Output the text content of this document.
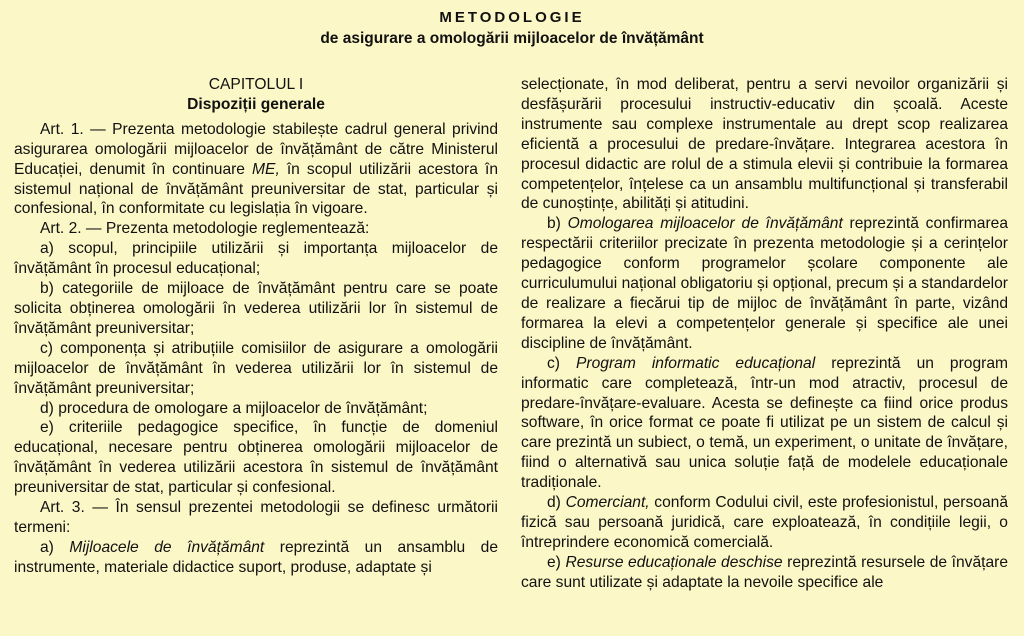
METODOLOGIE
de asigurare a omologării mijloacelor de învățământ

CAPITOLUL I

Dispoziții generale

Art. 1. — Prezenta metodologie stabilește cadrul general privind asigurarea omologării mijloacelor de învățământ de către Ministerul Educației, denumit în continuare ME, în scopul utilizării acestora în sistemul național de învățământ preuniversitar de stat, particular și confesional, în conformitate cu legislația în vigoare.

Art. 2. — Prezenta metodologie reglementează:

a) scopul, principiile utilizării și importanța mijloacelor de învățământ în procesul educațional;

b) categoriile de mijloace de învățământ pentru care se poate solicita obținerea omologării în vederea utilizării lor în sistemul de învățământ preuniversitar;

c) componența și atribuțiile comisiilor de asigurare a omologării mijloacelor de învățământ în vederea utilizării lor în sistemul de învățământ preuniversitar;

d) procedura de omologare a mijloacelor de învățământ;

e) criteriile pedagogice specifice, în funcție de domeniul educațional, necesare pentru obținerea omologării mijloacelor de învățământ în vederea utilizării acestora în sistemul de învățământ preuniversitar de stat, particular și confesional.

Art. 3. — În sensul prezentei metodologii se definesc următorii termeni:

a) Mijloacele de învățământ reprezintă un ansamblu de instrumente, materiale didactice suport, produse, adaptate și

selecționate, în mod deliberat, pentru a servi nevoilor organizării și desfășurării procesului instructiv-educativ din școală. Aceste instrumente sau complexe instrumentale au drept scop realizarea eficientă a procesului de predare-învățare. Integrarea acestora în procesul didactic are rolul de a stimula elevii și contribuie la formarea competențelor, înțelese ca un ansamblu multifuncțional și transferabil de cunoștințe, abilități și atitudini.

b) Omologarea mijloacelor de învățământ reprezintă confirmarea respectării criteriilor precizate în prezenta metodologie și a cerințelor pedagogice conform programelor școlare componente ale curriculumului național obligatoriu și opțional, precum și a standardelor de realizare a fiecărui tip de mijloc de învățământ în parte, vizând formarea la elevi a competențelor generale și specifice ale unei discipline de învățământ.

c) Program informatic educațional reprezintă un program informatic care completează, într-un mod atractiv, procesul de predare-învățare-evaluare. Acesta se definește ca fiind orice produs software, în orice format ce poate fi utilizat pe un sistem de calcul și care prezintă un subiect, o temă, un experiment, o unitate de învățare, fiind o alternativă sau unica soluție față de modelele educaționale tradiționale.

d) Comerciant, conform Codului civil, este profesionistul, persoană fizică sau persoană juridică, care exploatează, în condițiile legii, o întreprindere economică comercială.

e) Resurse educaționale deschise reprezintă resursele de învățare care sunt utilizate și adaptate la nevoile specifice ale
